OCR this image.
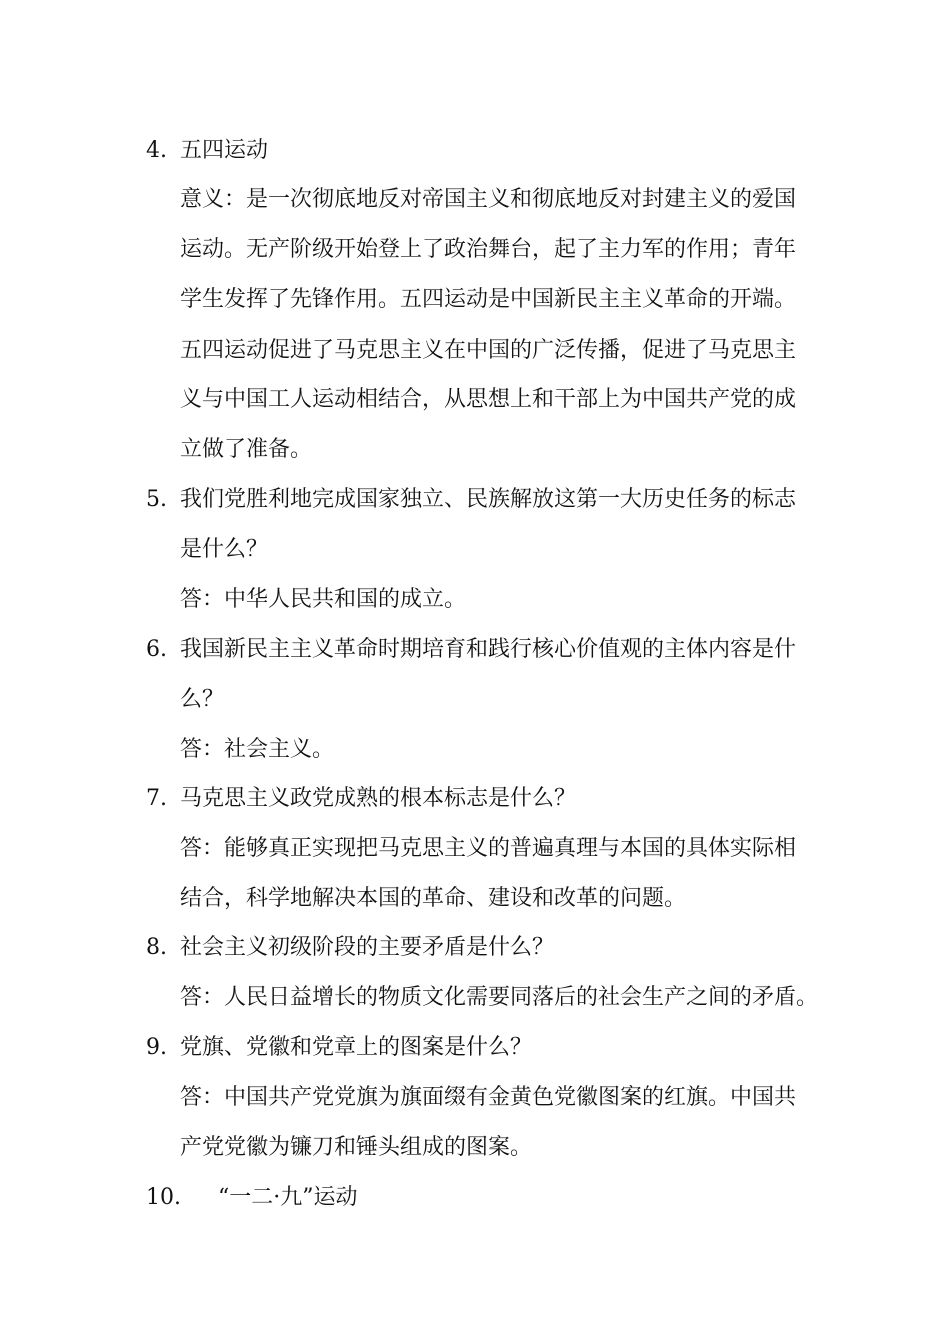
4. 五四运动
意义：是一次彻底地反对帝国主义和彻底地反对封建主义的爱国
运动。无产阶级开始登上了政治舞台，起了主力军的作用；青年
学生发挥了先锋作用。五四运动是中国新民主主义革命的开端。
五四运动促进了马克思主义在中国的广泛传播，促进了马克思主
义与中国工人运动相结合，从思想上和干部上为中国共产党的成
立做了准备。
5. 我们党胜利地完成国家独立、民族解放这第一大历史任务的标志
是什么？
答：中华人民共和国的成立。
6. 我国新民主主义革命时期培育和践行核心价值观的主体内容是什
么？
答：社会主义。
7. 马克思主义政党成熟的根本标志是什么？
答：能够真正实现把马克思主义的普遍真理与本国的具体实际相
结合，科学地解决本国的革命、建设和改革的问题。
8. 社会主义初级阶段的主要矛盾是什么？
答：人民日益增长的物质文化需要同落后的社会生产之间的矛盾。
9. 党旗、党徽和党章上的图案是什么？
答：中国共产党党旗为旗面缀有金黄色党徽图案的红旗。中国共
产党党徽为镰刀和锤头组成的图案。
10. “一二·九”运动
